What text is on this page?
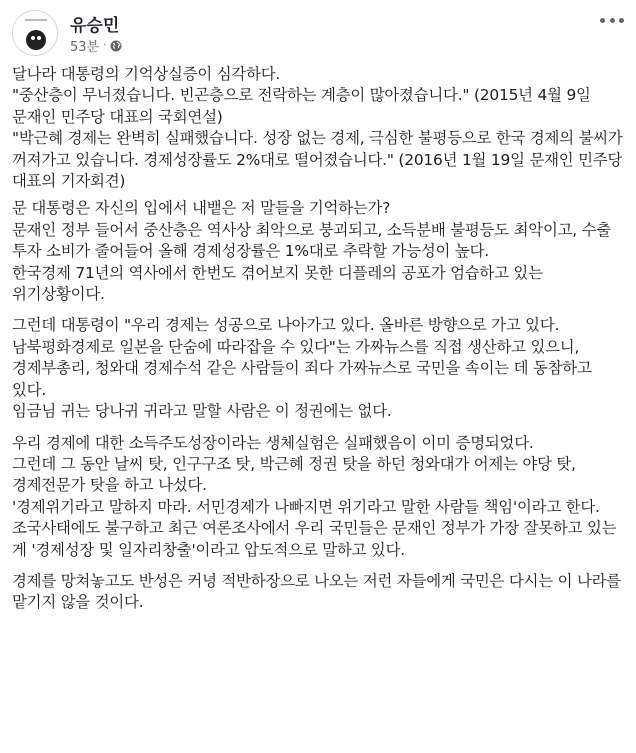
유승민
53분 ·

달나라 대통령의 기억상실증이 심각하다.

"중산층이 무너졌습니다. 빈곤층으로 전락하는 계층이 많아졌습니다." (2015년 4월 9일 문재인 민주당 대표의 국회연설)

"박근혜 경제는 완벽히 실패했습니다. 성장 없는 경제, 극심한 불평등으로 한국 경제의 불씨가 꺼져가고 있습니다. 경제성장률도 2%대로 떨어졌습니다." (2016년 1월 19일 문재인 민주당 대표의 기자회견)

문 대통령은 자신의 입에서 내뱉은 저 말들을 기억하는가?

문재인 정부 들어서 중산층은 역사상 최악으로 붕괴되고, 소득분배 불평등도 최악이고, 수출 투자 소비가 줄어들어 올해 경제성장률은 1%대로 추락할 가능성이 높다.

한국경제 71년의 역사에서 한번도 겪어보지 못한 디플레의 공포가 엄습하고 있는 위기상황이다.

그런데 대통령이 "우리 경제는 성공으로 나아가고 있다. 올바른 방향으로 가고 있다. 남북평화경제로 일본을 단숨에 따라잡을 수 있다"는 가짜뉴스를 직접 생산하고 있으니, 경제부총리, 청와대 경제수석 같은 사람들이 죄다 가짜뉴스로 국민을 속이는 데 동참하고 있다.

임금님 귀는 당나귀 귀라고 말할 사람은 이 정권에는 없다.

우리 경제에 대한 소득주도성장이라는 생체실험은 실패했음이 이미 증명되었다.

그런데 그 동안 날씨 탓, 인구구조 탓, 박근혜 정권 탓을 하던 청와대가 어제는 야당 탓, 경제전문가 탓을 하고 나섰다.

'경제위기라고 말하지 마라. 서민경제가 나빠지면 위기라고 말한 사람들 책임'이라고 한다.

조국사태에도 불구하고 최근 여론조사에서 우리 국민들은 문재인 정부가 가장 잘못하고 있는 게 '경제성장 및 일자리창출'이라고 압도적으로 말하고 있다.

경제를 망쳐놓고도 반성은 커녕 적반하장으로 나오는 저런 자들에게 국민은 다시는 이 나라를 맡기지 않을 것이다.
